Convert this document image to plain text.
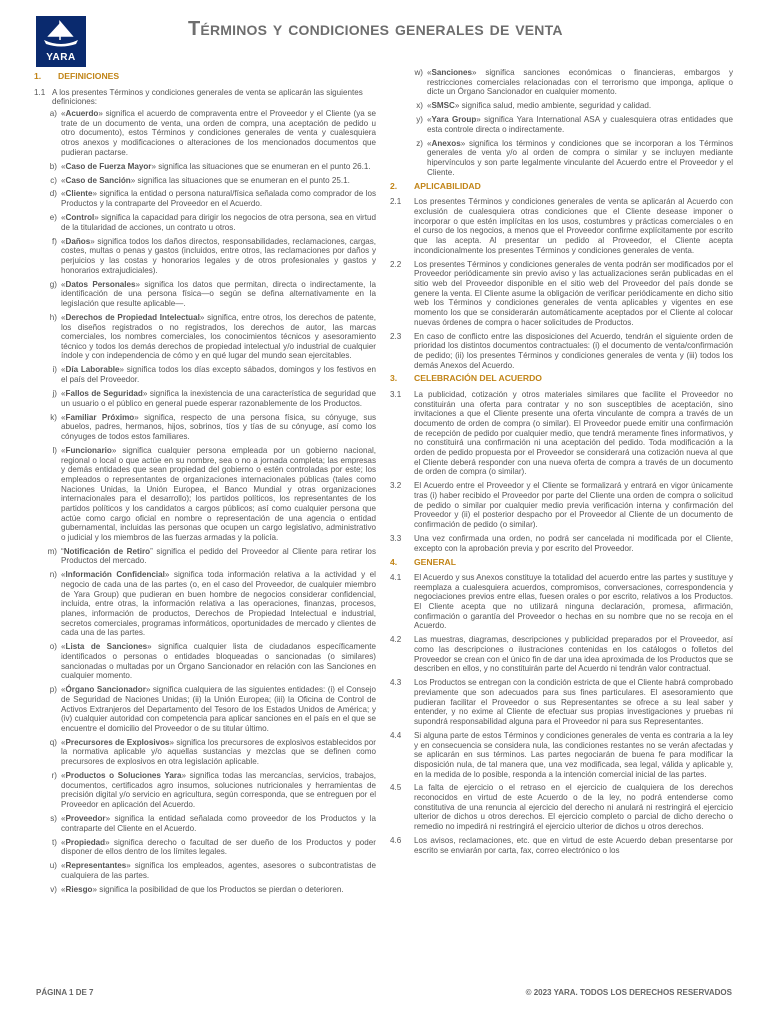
YARA
Términos y condiciones generales de venta
1.	DEFINICIONES
1.1 A los presentes Términos y condiciones generales de venta se aplicarán las siguientes definiciones:
a) «Acuerdo» significa el acuerdo de compraventa entre el Proveedor y el Cliente (ya se trate de un documento de venta, una orden de compra, una aceptación de pedido u otro documento), estos Términos y condiciones generales de venta y cualesquiera otros anexos y modificaciones o alteraciones de los mencionados documentos que pudieran pactarse.
b) «Caso de Fuerza Mayor» significa las situaciones que se enumeran en el punto 26.1.
c) «Caso de Sanción» significa las situaciones que se enumeran en el punto 25.1.
d) «Cliente» significa la entidad o persona natural/física señalada como comprador de los Productos y la contraparte del Proveedor en el Acuerdo.
e) «Control» significa la capacidad para dirigir los negocios de otra persona, sea en virtud de la titularidad de acciones, un contrato u otros.
f) «Daños» significa todos los daños directos, responsabilidades, reclamaciones, cargas, costes, multas o penas y gastos (incluidos, entre otros, las reclamaciones por daños y perjuicios y las costas y honorarios legales y de otros profesionales y gastos y honorarios extrajudiciales).
g) «Datos Personales» significa los datos que permitan, directa o indirectamente, la identificación de una persona física—o según se defina alternativamente en la legislación que resulte aplicable—.
h) «Derechos de Propiedad Intelectual» significa, entre otros, los derechos de patente, los diseños registrados o no registrados, los derechos de autor, las marcas comerciales, los nombres comerciales, los conocimientos técnicos y asesoramiento técnico y todos los demás derechos de propiedad intelectual y/o industrial de cualquier índole y con independencia de cómo y en qué lugar del mundo sean ejercitables.
i) «Día Laborable» significa todos los días excepto sábados, domingos y los festivos en el país del Proveedor.
j) «Fallos de Seguridad» significa la inexistencia de una característica de seguridad que un usuario o el público en general puede esperar razonablemente de los Productos.
k) «Familiar Próximo» significa, respecto de una persona física, su cónyuge, sus abuelos, padres, hermanos, hijos, sobrinos, tíos y tías de su cónyuge, así como los cónyuges de todos estos familiares.
l) «Funcionario» significa cualquier persona empleada por un gobierno nacional, regional o local o que actúe en su nombre, sea o no a jornada completa; las empresas y demás entidades que sean propiedad del gobierno o estén controladas por este; los empleados o representantes de organizaciones internacionales públicas (tales como Naciones Unidas, la Unión Europea, el Banco Mundial y otras organizaciones internacionales para el desarrollo); los partidos políticos, los representantes de los partidos políticos y los candidatos a cargos públicos; así como cualquier persona que actúe como cargo oficial en nombre o representación de una agencia o entidad gubernamental, incluidas las personas que ocupen un cargo legislativo, administrativo o judicial y los miembros de las fuerzas armadas y la policía.
m) “Notificación de Retiro” significa el pedido del Proveedor al Cliente para retirar los Productos del mercado.
n) «Información Confidencial» significa toda información relativa a la actividad y el negocio de cada una de las partes (o, en el caso del Proveedor, de cualquier miembro de Yara Group) que pudieran en buen hombre de negocios considerar confidencial, incluida, entre otras, la información relativa a las operaciones, finanzas, procesos, planes, información de productos, Derechos de Propiedad Intelectual e industrial, secretos comerciales, programas informáticos, oportunidades de mercado y clientes de cada una de las partes.
o) «Lista de Sanciones» significa cualquier lista de ciudadanos específicamente identificados o personas o entidades bloqueadas o sancionadas (o similares) sancionadas o multadas por un Órgano Sancionador en relación con las Sanciones en cualquier momento.
p) «Órgano Sancionador» significa cualquiera de las siguientes entidades: (i) el Consejo de Seguridad de Naciones Unidas; (ii) la Unión Europea; (iii) la Oficina de Control de Activos Extranjeros del Departamento del Tesoro de los Estados Unidos de América; y (iv) cualquier autoridad con competencia para aplicar sanciones en el país en el que se encuentre el domicilio del Proveedor o de su titular último.
q) «Precursores de Explosivos» significa los precursores de explosivos establecidos por la normativa aplicable y/o aquellas sustancias y mezclas que se definen como precursores de explosivos en otra legislación aplicable.
r) «Productos o Soluciones Yara» significa todas las mercancías, servicios, trabajos, documentos, certificados agro insumos, soluciones nutricionales y herramientas de precisión digital y/o servicio en agricultura, según corresponda, que se entreguen por el Proveedor en aplicación del Acuerdo.
s) «Proveedor» significa la entidad señalada como proveedor de los Productos y la contraparte del Cliente en el Acuerdo.
t) «Propiedad» significa derecho o facultad de ser dueño de los Productos y poder disponer de ellos dentro de los límites legales.
u) «Representantes» significa los empleados, agentes, asesores o subcontratistas de cualquiera de las partes.
v) «Riesgo» significa la posibilidad de que los Productos se pierdan o deterioren.
w) «Sanciones» significa sanciones económicas o financieras, embargos y restricciones comerciales relacionadas con el terrorismo que imponga, aplique o dicte un Órgano Sancionador en cualquier momento.
x) «SMSC» significa salud, medio ambiente, seguridad y calidad.
y) «Yara Group» significa Yara International ASA y cualesquiera otras entidades que esta controle directa o indirectamente.
z) «Anexos» significa los términos y condiciones que se incorporan a los Términos generales de venta y/o al orden de compra o similar y se incluyen mediante hipervínculos y son parte legalmente vinculante del Acuerdo entre el Proveedor y el Cliente.
2.	APLICABILIDAD
2.1	Los presentes Términos y condiciones generales de venta se aplicarán al Acuerdo con exclusión de cualesquiera otras condiciones que el Cliente desease imponer o incorporar o que estén implícitas en los usos, costumbres y prácticas comerciales o en el curso de los negocios, a menos que el Proveedor confirme explícitamente por escrito que las acepta. Al presentar un pedido al Proveedor, el Cliente acepta incondicionalmente los presentes Términos y condiciones generales de venta.
2.2	Los presentes Términos y condiciones generales de venta podrán ser modificados por el Proveedor periódicamente sin previo aviso y las actualizaciones serán publicadas en el sitio web del Proveedor disponible en el sitio web del Proveedor del país donde se genere la venta. El Cliente asume la obligación de verificar periódicamente en dicho sitio web los Términos y condiciones generales de venta aplicables y vigentes en ese momento los que se considerarán automáticamente aceptados por el Cliente al colocar nuevas órdenes de compra o hacer solicitudes de Productos.
2.3	En caso de conflicto entre las disposiciones del Acuerdo, tendrán el siguiente orden de prioridad los distintos documentos contractuales: (i) el documento de venta/confirmación de pedido; (ii) los presentes Términos y condiciones generales de venta y (iii) todos los demás Anexos del Acuerdo.
3.	CELEBRACIÓN DEL ACUERDO
3.1	La publicidad, cotización y otros materiales similares que facilite el Proveedor no constituirán una oferta para contratar y no son susceptibles de aceptación, sino invitaciones a que el Cliente presente una oferta vinculante de compra a través de un documento de orden de compra (o similar). El Proveedor puede emitir una confirmación de recepción de pedido por cualquier medio, que tendrá meramente fines informativos, y no constituirá una confirmación ni una aceptación del pedido. Toda modificación a la orden de pedido propuesta por el Proveedor se considerará una cotización nueva al que el Cliente deberá responder con una nueva oferta de compra a través de un documento de orden de compra (o similar).
3.2	El Acuerdo entre el Proveedor y el Cliente se formalizará y entrará en vigor únicamente tras (i) haber recibido el Proveedor por parte del Cliente una orden de compra o solicitud de pedido o similar por cualquier medio previa verificación interna y confirmación del Proveedor y (ii) el posterior despacho por el Proveedor al Cliente de un documento de confirmación de pedido (o similar).
3.3	Una vez confirmada una orden, no podrá ser cancelada ni modificada por el Cliente, excepto con la aprobación previa y por escrito del Proveedor.
4.	GENERAL
4.1	El Acuerdo y sus Anexos constituye la totalidad del acuerdo entre las partes y sustituye y reemplaza a cualesquiera acuerdos, compromisos, conversaciones, correspondencia y negociaciones previos entre ellas, fuesen orales o por escrito, relativos a los Productos. El Cliente acepta que no utilizará ninguna declaración, promesa, afirmación, confirmación o garantía del Proveedor o hechas en su nombre que no se recoja en el Acuerdo.
4.2	Las muestras, diagramas, descripciones y publicidad preparados por el Proveedor, así como las descripciones o ilustraciones contenidas en los catálogos o folletos del Proveedor se crean con el único fin de dar una idea aproximada de los Productos que se describen en ellos, y no constituirán parte del Acuerdo ni tendrán valor contractual.
4.3	Los Productos se entregan con la condición estricta de que el Cliente habrá comprobado previamente que son adecuados para sus fines particulares. El asesoramiento que pudieran facilitar el Proveedor o sus Representantes se ofrece a su leal saber y entender, y no exime al Cliente de efectuar sus propias investigaciones y pruebas ni supondrá responsabilidad alguna para el Proveedor ni para sus Representantes.
4.4	Si alguna parte de estos Términos y condiciones generales de venta es contraria a la ley y en consecuencia se considera nula, las condiciones restantes no se verán afectadas y se aplicarán en sus términos. Las partes negociarán de buena fe para modificar la disposición nula, de tal manera que, una vez modificada, sea legal, válida y aplicable y, en la medida de lo posible, responda a la intención comercial inicial de las partes.
4.5	La falta de ejercicio o el retraso en el ejercicio de cualquiera de los derechos reconocidos en virtud de este Acuerdo o de la ley, no podrá entenderse como constitutiva de una renuncia al ejercicio del derecho ni anulará ni restringirá el ejercicio ulterior de dichos u otros derechos. El ejercicio completo o parcial de dicho derecho o remedio no impedirá ni restringirá el ejercicio ulterior de dichos u otros derechos.
4.6	Los avisos, reclamaciones, etc. que en virtud de este Acuerdo deban presentarse por escrito se enviarán por carta, fax, correo electrónico o los
PÁGINA 1 DE 7	© 2023 YARA. TODOS LOS DERECHOS RESERVADOS
